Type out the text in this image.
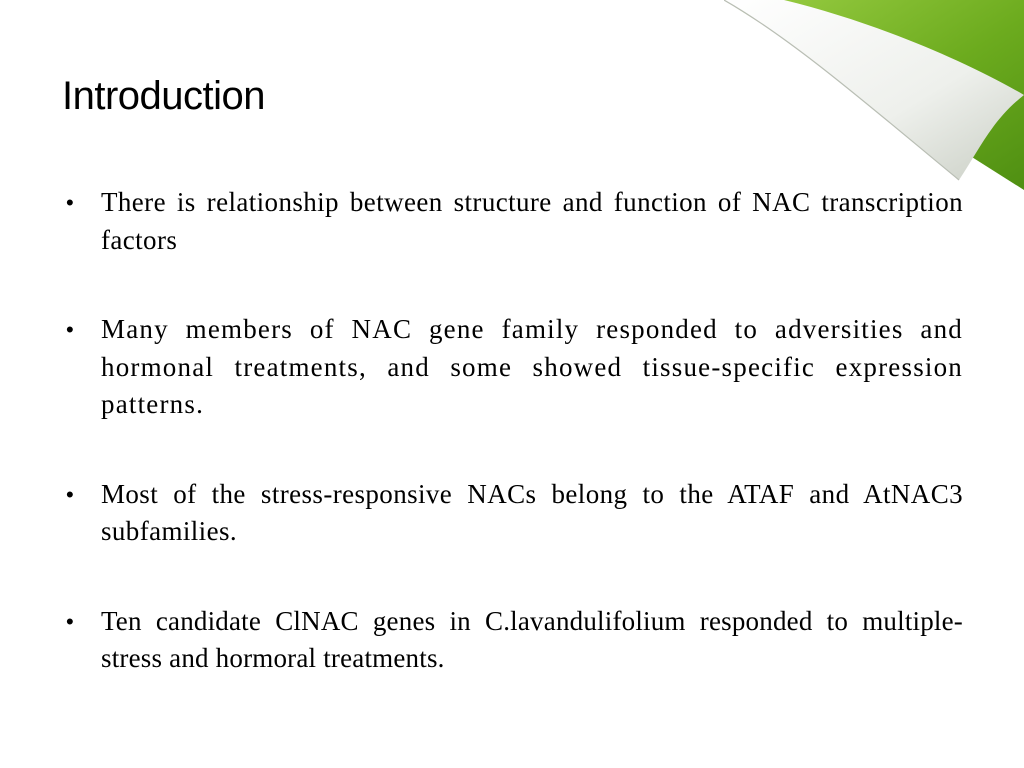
Introduction
•	There is relationship between structure and function of NAC transcription factors
•	Many members of NAC gene family responded to adversities and hormonal treatments, and some showed tissue-specific expression patterns.
•	Most of the stress-responsive NACs belong to the ATAF and AtNAC3 subfamilies.
•	Ten candidate ClNAC genes in C.lavandulifolium responded to multiple-stress and hormoral treatments.
